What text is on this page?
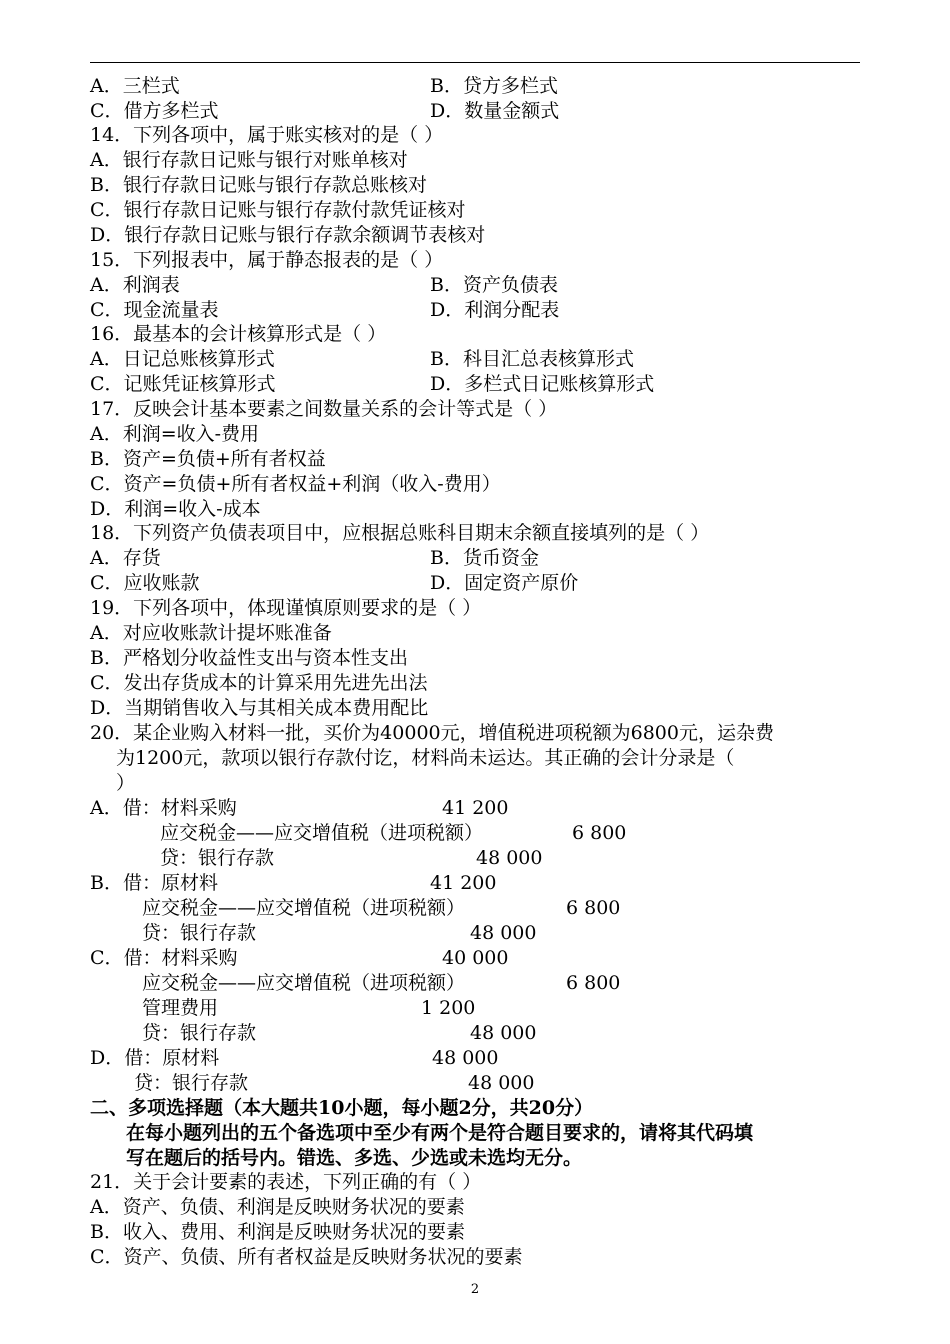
A．三栏式	B．贷方多栏式
C．借方多栏式	D．数量金额式
14．下列各项中，属于账实核对的是（ ）
A．银行存款日记账与银行对账单核对
B．银行存款日记账与银行存款总账核对
C．银行存款日记账与银行存款付款凭证核对
D．银行存款日记账与银行存款余额调节表核对
15．下列报表中，属于静态报表的是（ ）
A．利润表	B．资产负债表
C．现金流量表	D．利润分配表
16．最基本的会计核算形式是（ ）
A．日记总账核算形式	B．科目汇总表核算形式
C．记账凭证核算形式	D．多栏式日记账核算形式
17．反映会计基本要素之间数量关系的会计等式是（ ）
A．利润=收入-费用
B．资产=负债+所有者权益
C．资产=负债+所有者权益+利润（收入-费用）
D．利润=收入-成本
18．下列资产负债表项目中，应根据总账科目期末余额直接填列的是（ ）
A．存货	B．货币资金
C．应收账款	D．固定资产原价
19．下列各项中，体现谨慎原则要求的是（ ）
A．对应收账款计提坏账准备
B．严格划分收益性支出与资本性支出
C．发出存货成本的计算采用先进先出法
D．当期销售收入与其相关成本费用配比
20．某企业购入材料一批，买价为40000元，增值税进项税额为6800元，运杂费
为1200元，款项以银行存款付讫，材料尚未运达。其正确的会计分录是（
）
A．借：材料采购	41 200
应交税金——应交增值税（进项税额）	6 800
贷：银行存款	48 000
B．借：原材料	41 200
应交税金——应交增值税（进项税额）	6 800
贷：银行存款	48 000
C．借：材料采购	40 000
应交税金——应交增值税（进项税额）	6 800
管理费用	1 200
贷：银行存款	48 000
D．借：原材料	48 000
贷：银行存款	48 000
二、多项选择题（本大题共10小题，每小题2分，共20分）
在每小题列出的五个备选项中至少有两个是符合题目要求的，请将其代码填
写在题后的括号内。错选、多选、少选或未选均无分。
21．关于会计要素的表述，下列正确的有（ ）
A．资产、负债、利润是反映财务状况的要素
B．收入、费用、利润是反映财务状况的要素
C．资产、负债、所有者权益是反映财务状况的要素
2
